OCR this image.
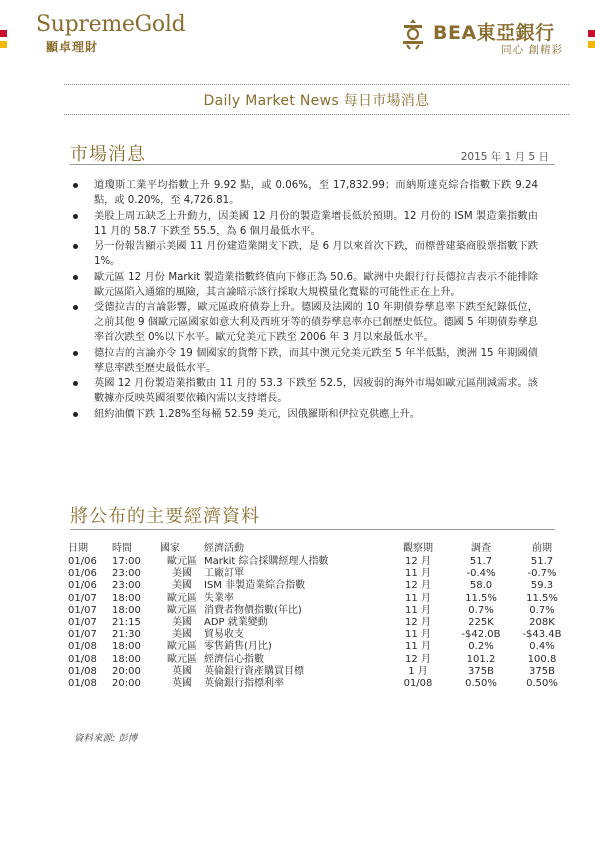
SupremeGold
顯卓理財
BEA東亞銀行
同心 創精彩
Daily Market News 每日市場消息
市場消息	2015 年 1 月 5 日
道瓊斯工業平均指數上升 9.92 點，或 0.06%，至 17,832.99；而納斯達克綜合指數下跌 9.24 點，或 0.20%，至 4,726.81。
美股上周五缺乏上升動力，因美國 12 月份的製造業增長低於預期。12 月份的 ISM 製造業指數由 11 月的 58.7 下跌至 55.5，為 6 個月最低水平。
另一份報告顯示美國 11 月份建造業開支下跌，是 6 月以來首次下跌，而標普建築商股票指數下跌 1%。
歐元區 12 月份 Markit 製造業指數終值向下修正為 50.6。歐洲中央銀行行長德拉吉表示不能排除歐元區陷入通縮的風險，其言論暗示該行採取大規模量化寬鬆的可能性正在上升。
受德拉吉的言論影響，歐元區政府債券上升。德國及法國的 10 年期債券孳息率下跌至紀錄低位，之前其他 9 個歐元區國家如意大利及西班牙等的債券孳息率亦已創歷史低位。德國 5 年期債券孳息率首次跌至 0%以下水平。歐元兌美元下跌至 2006 年 3 月以來最低水平。
德拉吉的言論亦令 19 個國家的貨幣下跌，而其中澳元兌美元跌至 5 年半低點，澳洲 15 年期國債孳息率跌至歷史最低水平。
英國 12 月份製造業指數由 11 月的 53.3 下跌至 52.5，因疲弱的海外市場如歐元區削減需求。該數據亦反映英國須要依賴內需以支持增長。
紐約油價下跌 1.28%至每桶 52.59 美元，因俄羅斯和伊拉克供應上升。
將公布的主要經濟資料
日期	時間	國家	經濟活動	觀察期	調查	前期
01/06	17:00	歐元區	Markit 綜合採購經理人指數	12 月	51.7	51.7
01/06	23:00	美國	工廠訂單	11 月	-0.4%	-0.7%
01/06	23:00	美國	ISM 非製造業綜合指數	12 月	58.0	59.3
01/07	18:00	歐元區	失業率	11 月	11.5%	11.5%
01/07	18:00	歐元區	消費者物價指數(年比)	11 月	0.7%	0.7%
01/07	21:15	美國	ADP 就業變動	12 月	225K	208K
01/07	21:30	美國	貿易收支	11 月	-$42.0B	-$43.4B
01/08	18:00	歐元區	零售銷售(月比)	11 月	0.2%	0.4%
01/08	18:00	歐元區	經濟信心指數	12 月	101.2	100.8
01/08	20:00	英國	英倫銀行資產購買目標	1 月	375B	375B
01/08	20:00	英國	英倫銀行指標利率	01/08	0.50%	0.50%
資料來源: 彭博
